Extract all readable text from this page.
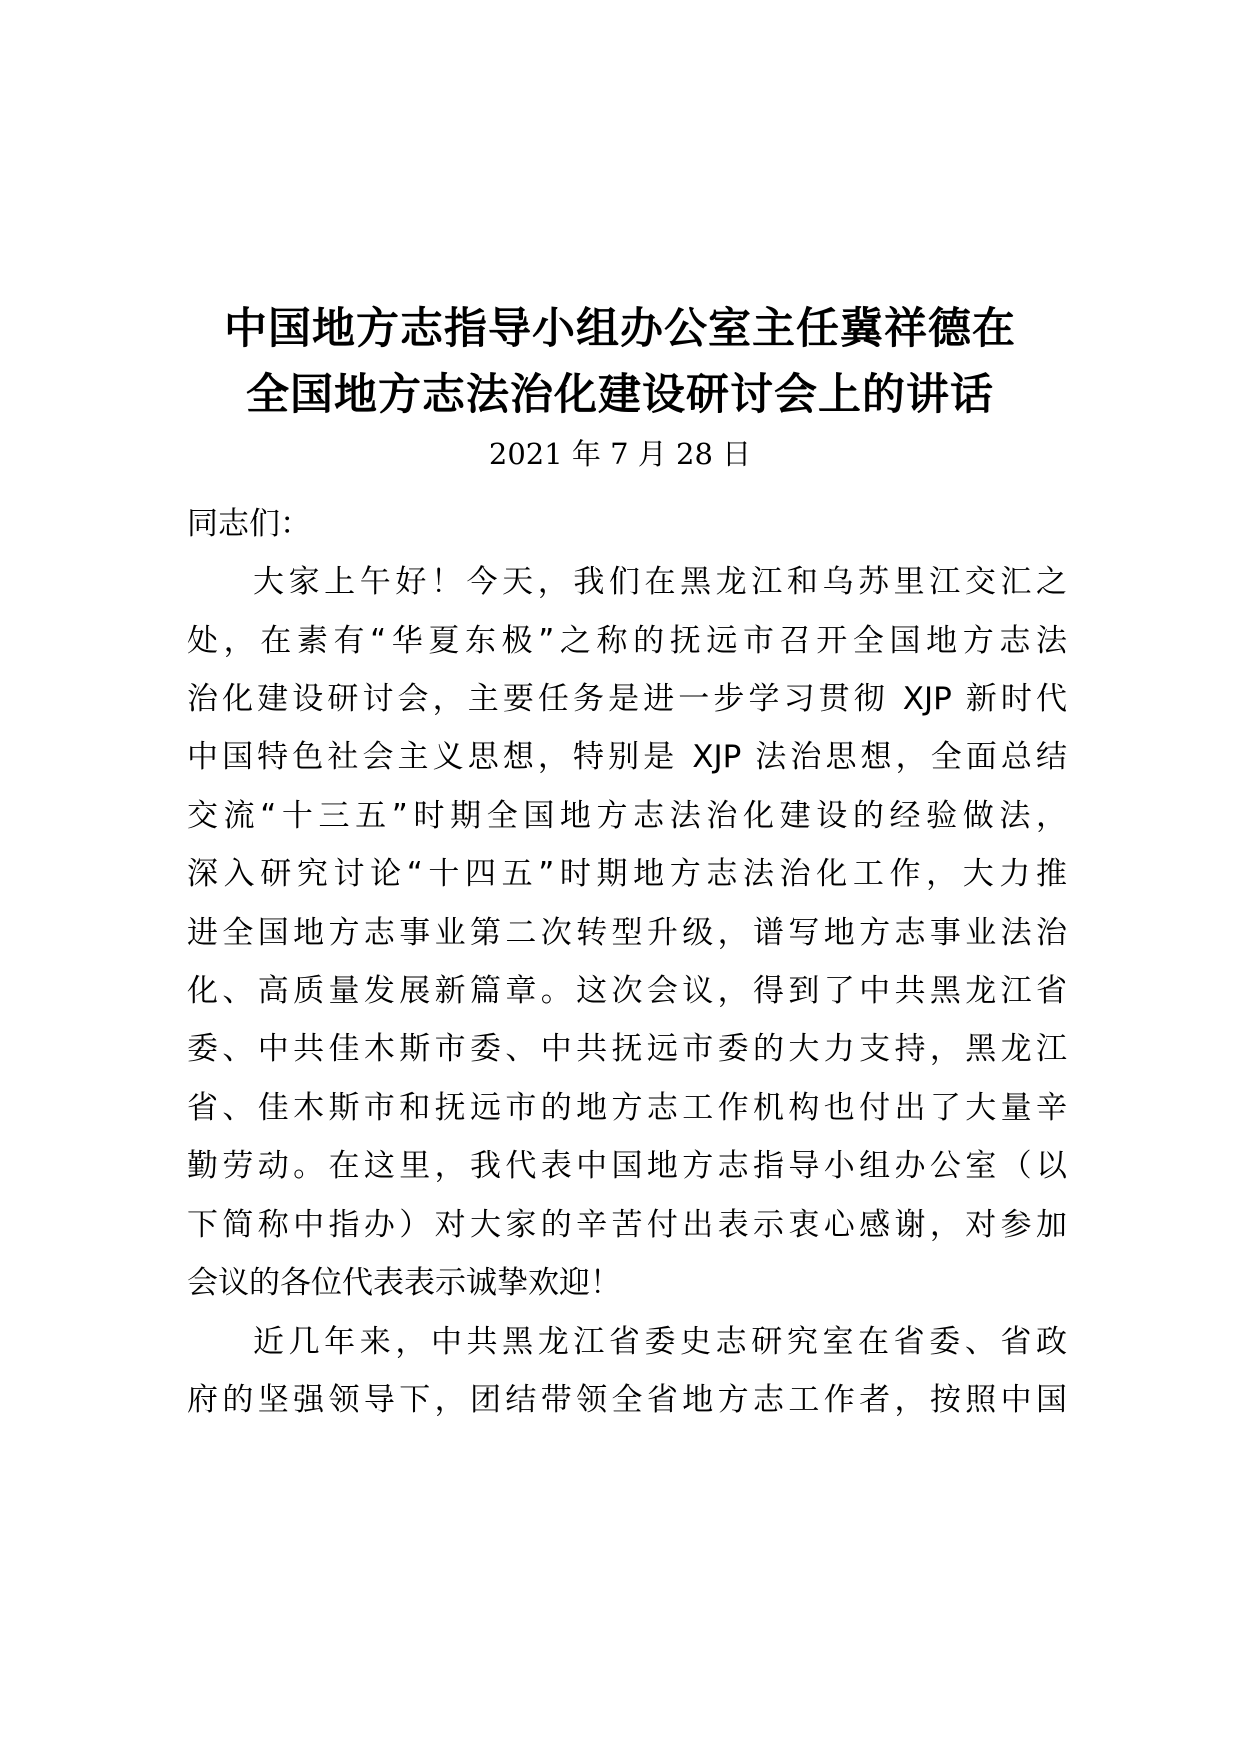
中国地方志指导小组办公室主任冀祥德在
全国地方志法治化建设研讨会上的讲话
2021 年 7 月 28 日
同志们：
大家上午好！今天，我们在黑龙江和乌苏里江交汇之
处，在素有“华夏东极”之称的抚远市召开全国地方志法
治化建设研讨会，主要任务是进一步学习贯彻 XJP 新时代
中国特色社会主义思想，特别是 XJP 法治思想，全面总结
交流“十三五”时期全国地方志法治化建设的经验做法，
深入研究讨论“十四五”时期地方志法治化工作，大力推
进全国地方志事业第二次转型升级，谱写地方志事业法治
化、高质量发展新篇章。这次会议，得到了中共黑龙江省
委、中共佳木斯市委、中共抚远市委的大力支持，黑龙江
省、佳木斯市和抚远市的地方志工作机构也付出了大量辛
勤劳动。在这里，我代表中国地方志指导小组办公室（以
下简称中指办）对大家的辛苦付出表示衷心感谢，对参加
会议的各位代表表示诚挚欢迎！
近几年来，中共黑龙江省委史志研究室在省委、省政
府的坚强领导下，团结带领全省地方志工作者，按照中国
